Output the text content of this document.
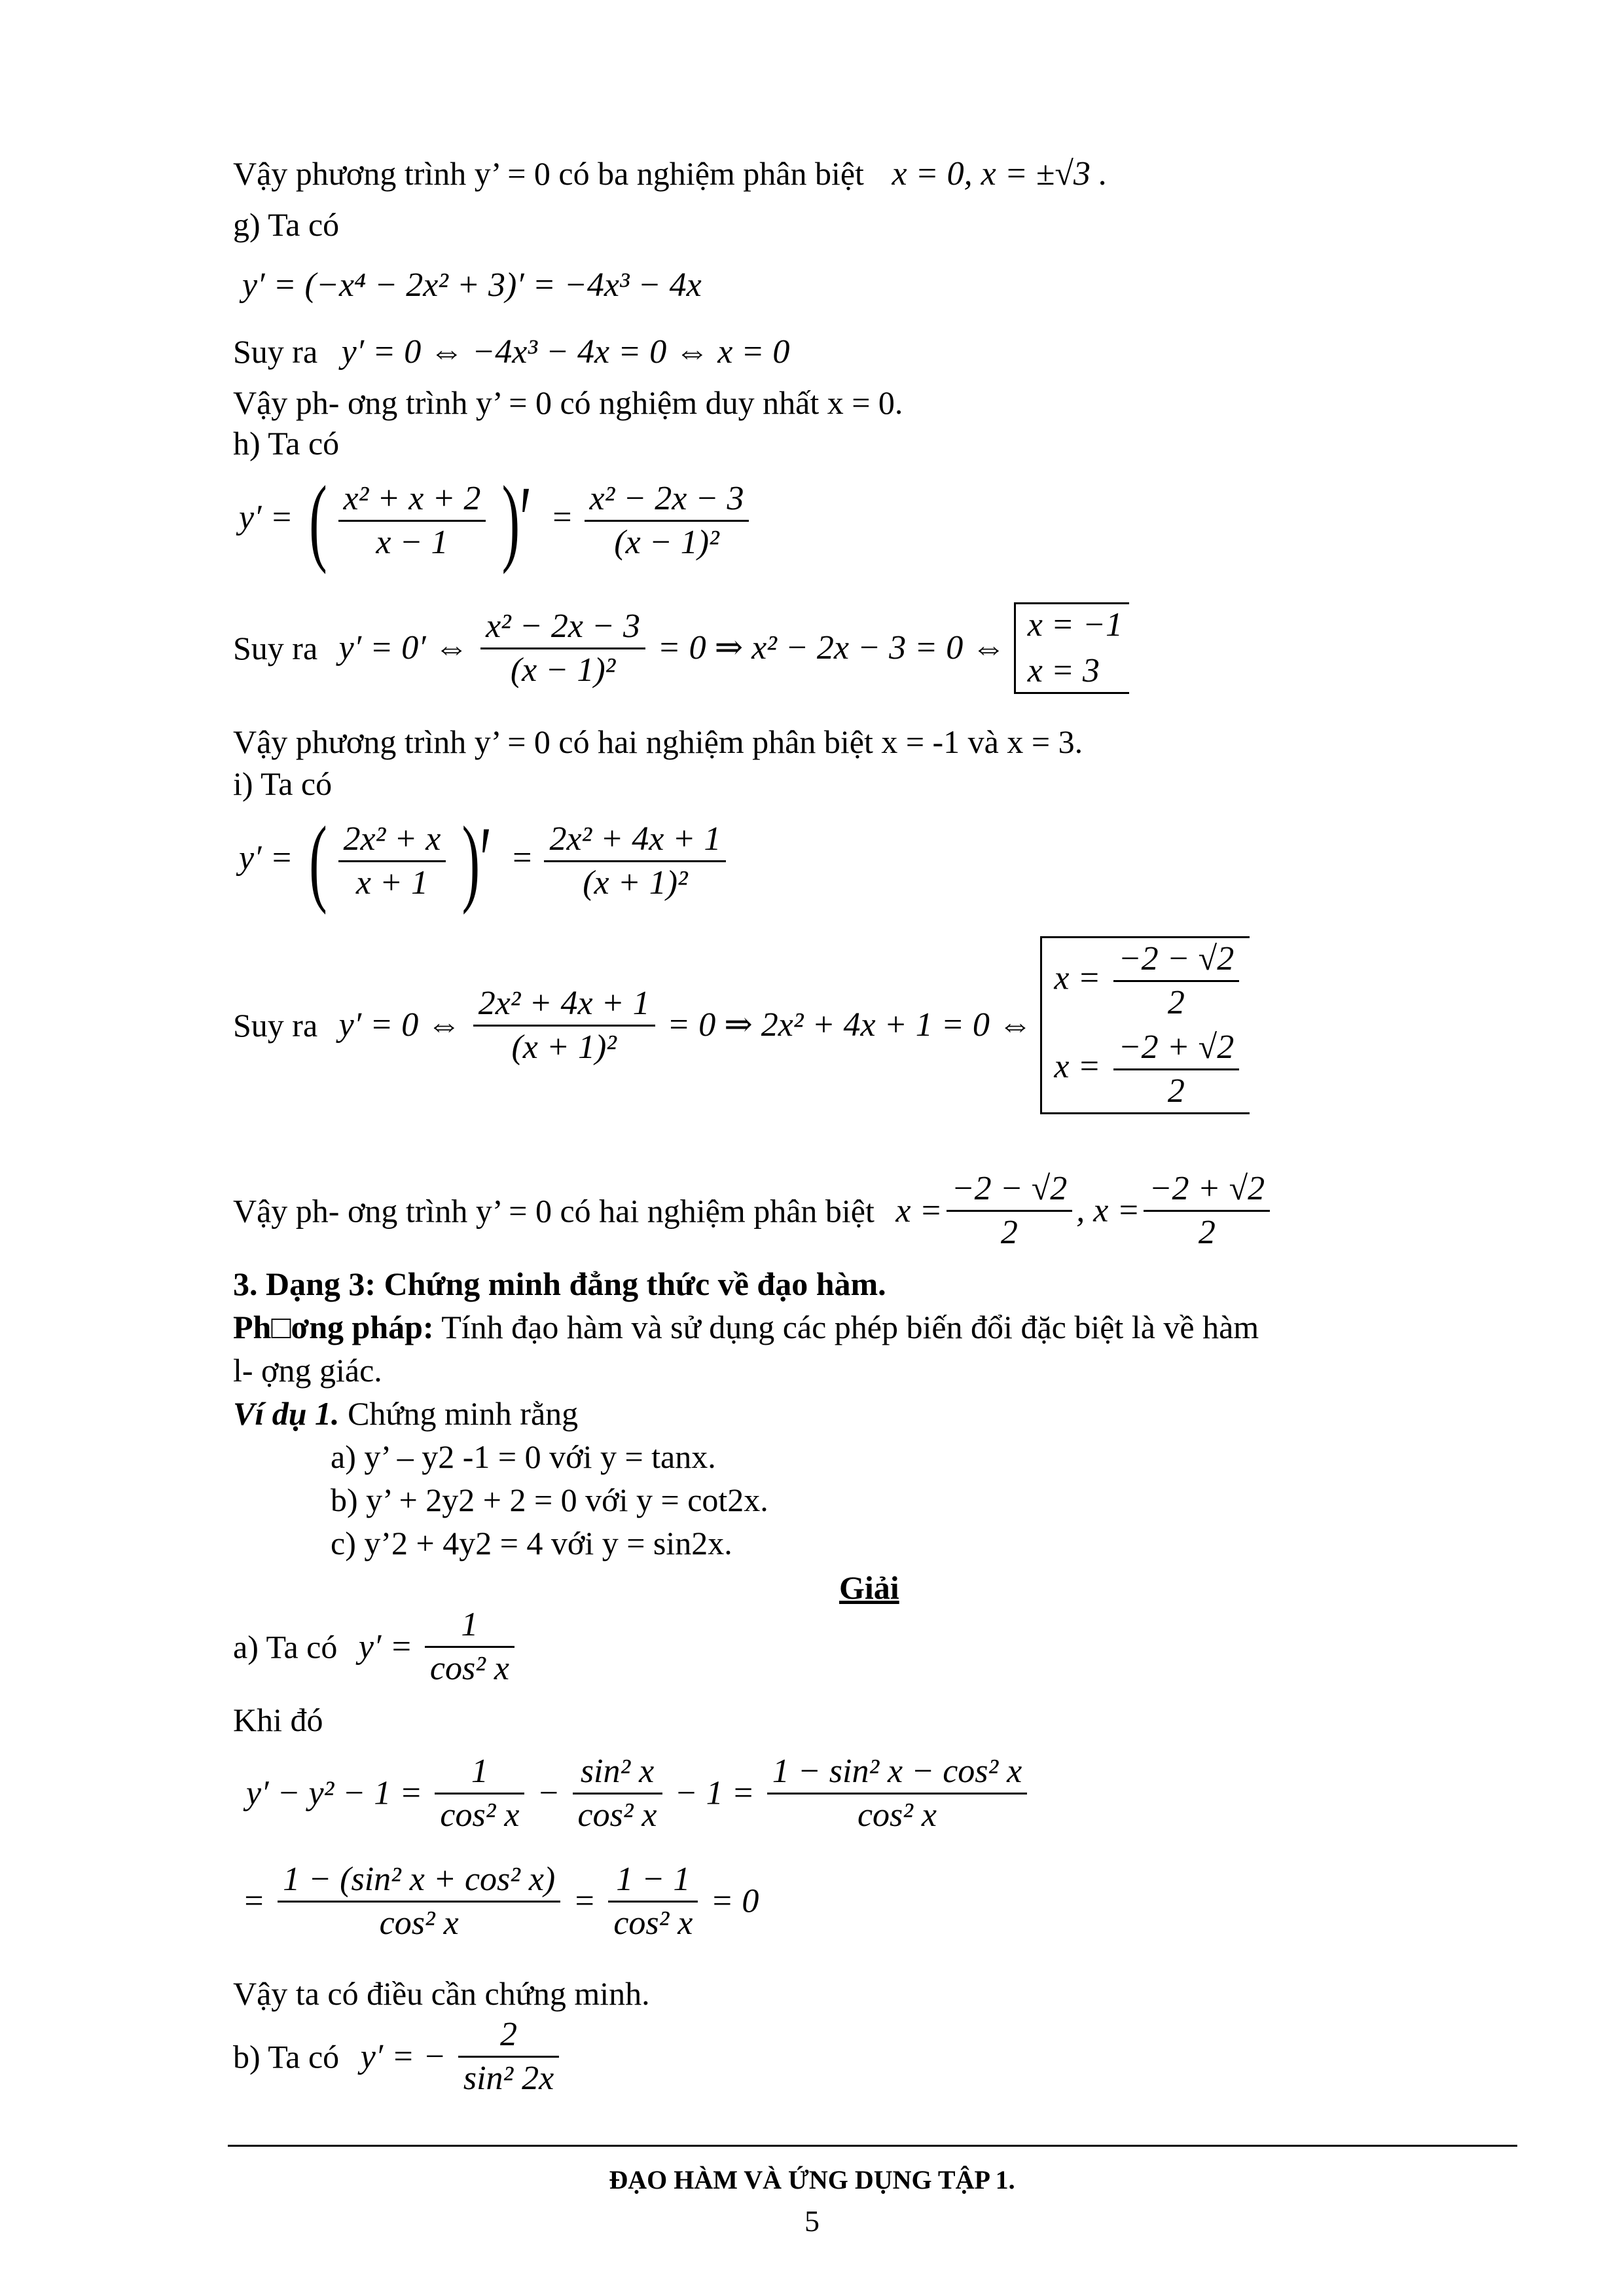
Vậy phương trình y’ = 0 có ba nghiệm phân biệt x = 0, x = ±√3 .
g) Ta có
y′ = (−x⁴ − 2x² + 3)′ = −4x³ − 4x
Suy ra y′ = 0 ⇔ −4x³ − 4x = 0 ⇔ x = 0
Vậy ph- ơng trình y’ = 0 có nghiệm duy nhất x = 0.
h) Ta có
y′ = ( $\frac{\text{x² + x + 2}}{x - 1}$ )′ = $\frac{\text{x² − 2x − 3}}{\text{(x − 1)²}}$
Suy ra y′ = 0′ ⇔ $\frac{\text{x² − 2x − 3}}{\text{(x − 1)²}} = 0$ ⇒ x² − 2x − 3 = 0 ⇔
x = −1
x = 3
Vậy phương trình y’ = 0 có hai nghiệm phân biệt x = -1 và x = 3.
i) Ta có
y′ = ( $\frac{\text{2x² + x}}{x + 1}$ )′ = $\frac{\text{2x² + 4x + 1}}{\text{(x + 1)²}}$
Suy ra y′ = 0 ⇔ $\frac{\text{2x² + 4x + 1}}{\text{(x + 1)²}} = 0$ ⇒ 2x² + 4x + 1 = 0 ⇔
$x = \frac{-2 - √2}{2}$
$x = \frac{-2 + √2}{2}$
Vậy ph- ơng trình y’ = 0 có hai nghiệm phân biệt $x = \frac{-2 - √2}{2}$ , $x = \frac{-2 + √2}{2}$
3. Dạng 3: Chứng minh đẳng thức về đạo hàm.
Ph□ơng pháp: Tính đạo hàm và sử dụng các phép biến đổi đặc biệt là về hàm
l- ợng giác.
Ví dụ 1. Chứng minh rằng
a) y’ – y2 -1 = 0 với y = tanx.
b) y’ + 2y2 + 2 = 0 với y = cot2x.
c) y’2 + 4y2 = 4 với y = sin2x.
Giải
a) Ta có $y' = \frac{1}{\text{cos² x}}$
Khi đó
$y' - y^2 - 1 = \frac{1}{\text{cos² x}} - \frac{\text{sin² x}}{\text{cos² x}} - 1 = \frac{\text{1 − sin² x − cos² x}}{\text{cos² x}}$
= $\frac{\text{1 − (sin² x + cos² x)}}{\text{cos² x}} = \frac{1 - 1}{\text{cos² x}} = 0$
Vậy ta có điều cần chứng minh.
b) Ta có y′ = − $\frac{2}{\text{sin² 2x}}$
ĐẠO HÀM VÀ ỨNG DỤNG TẬP 1.
5
